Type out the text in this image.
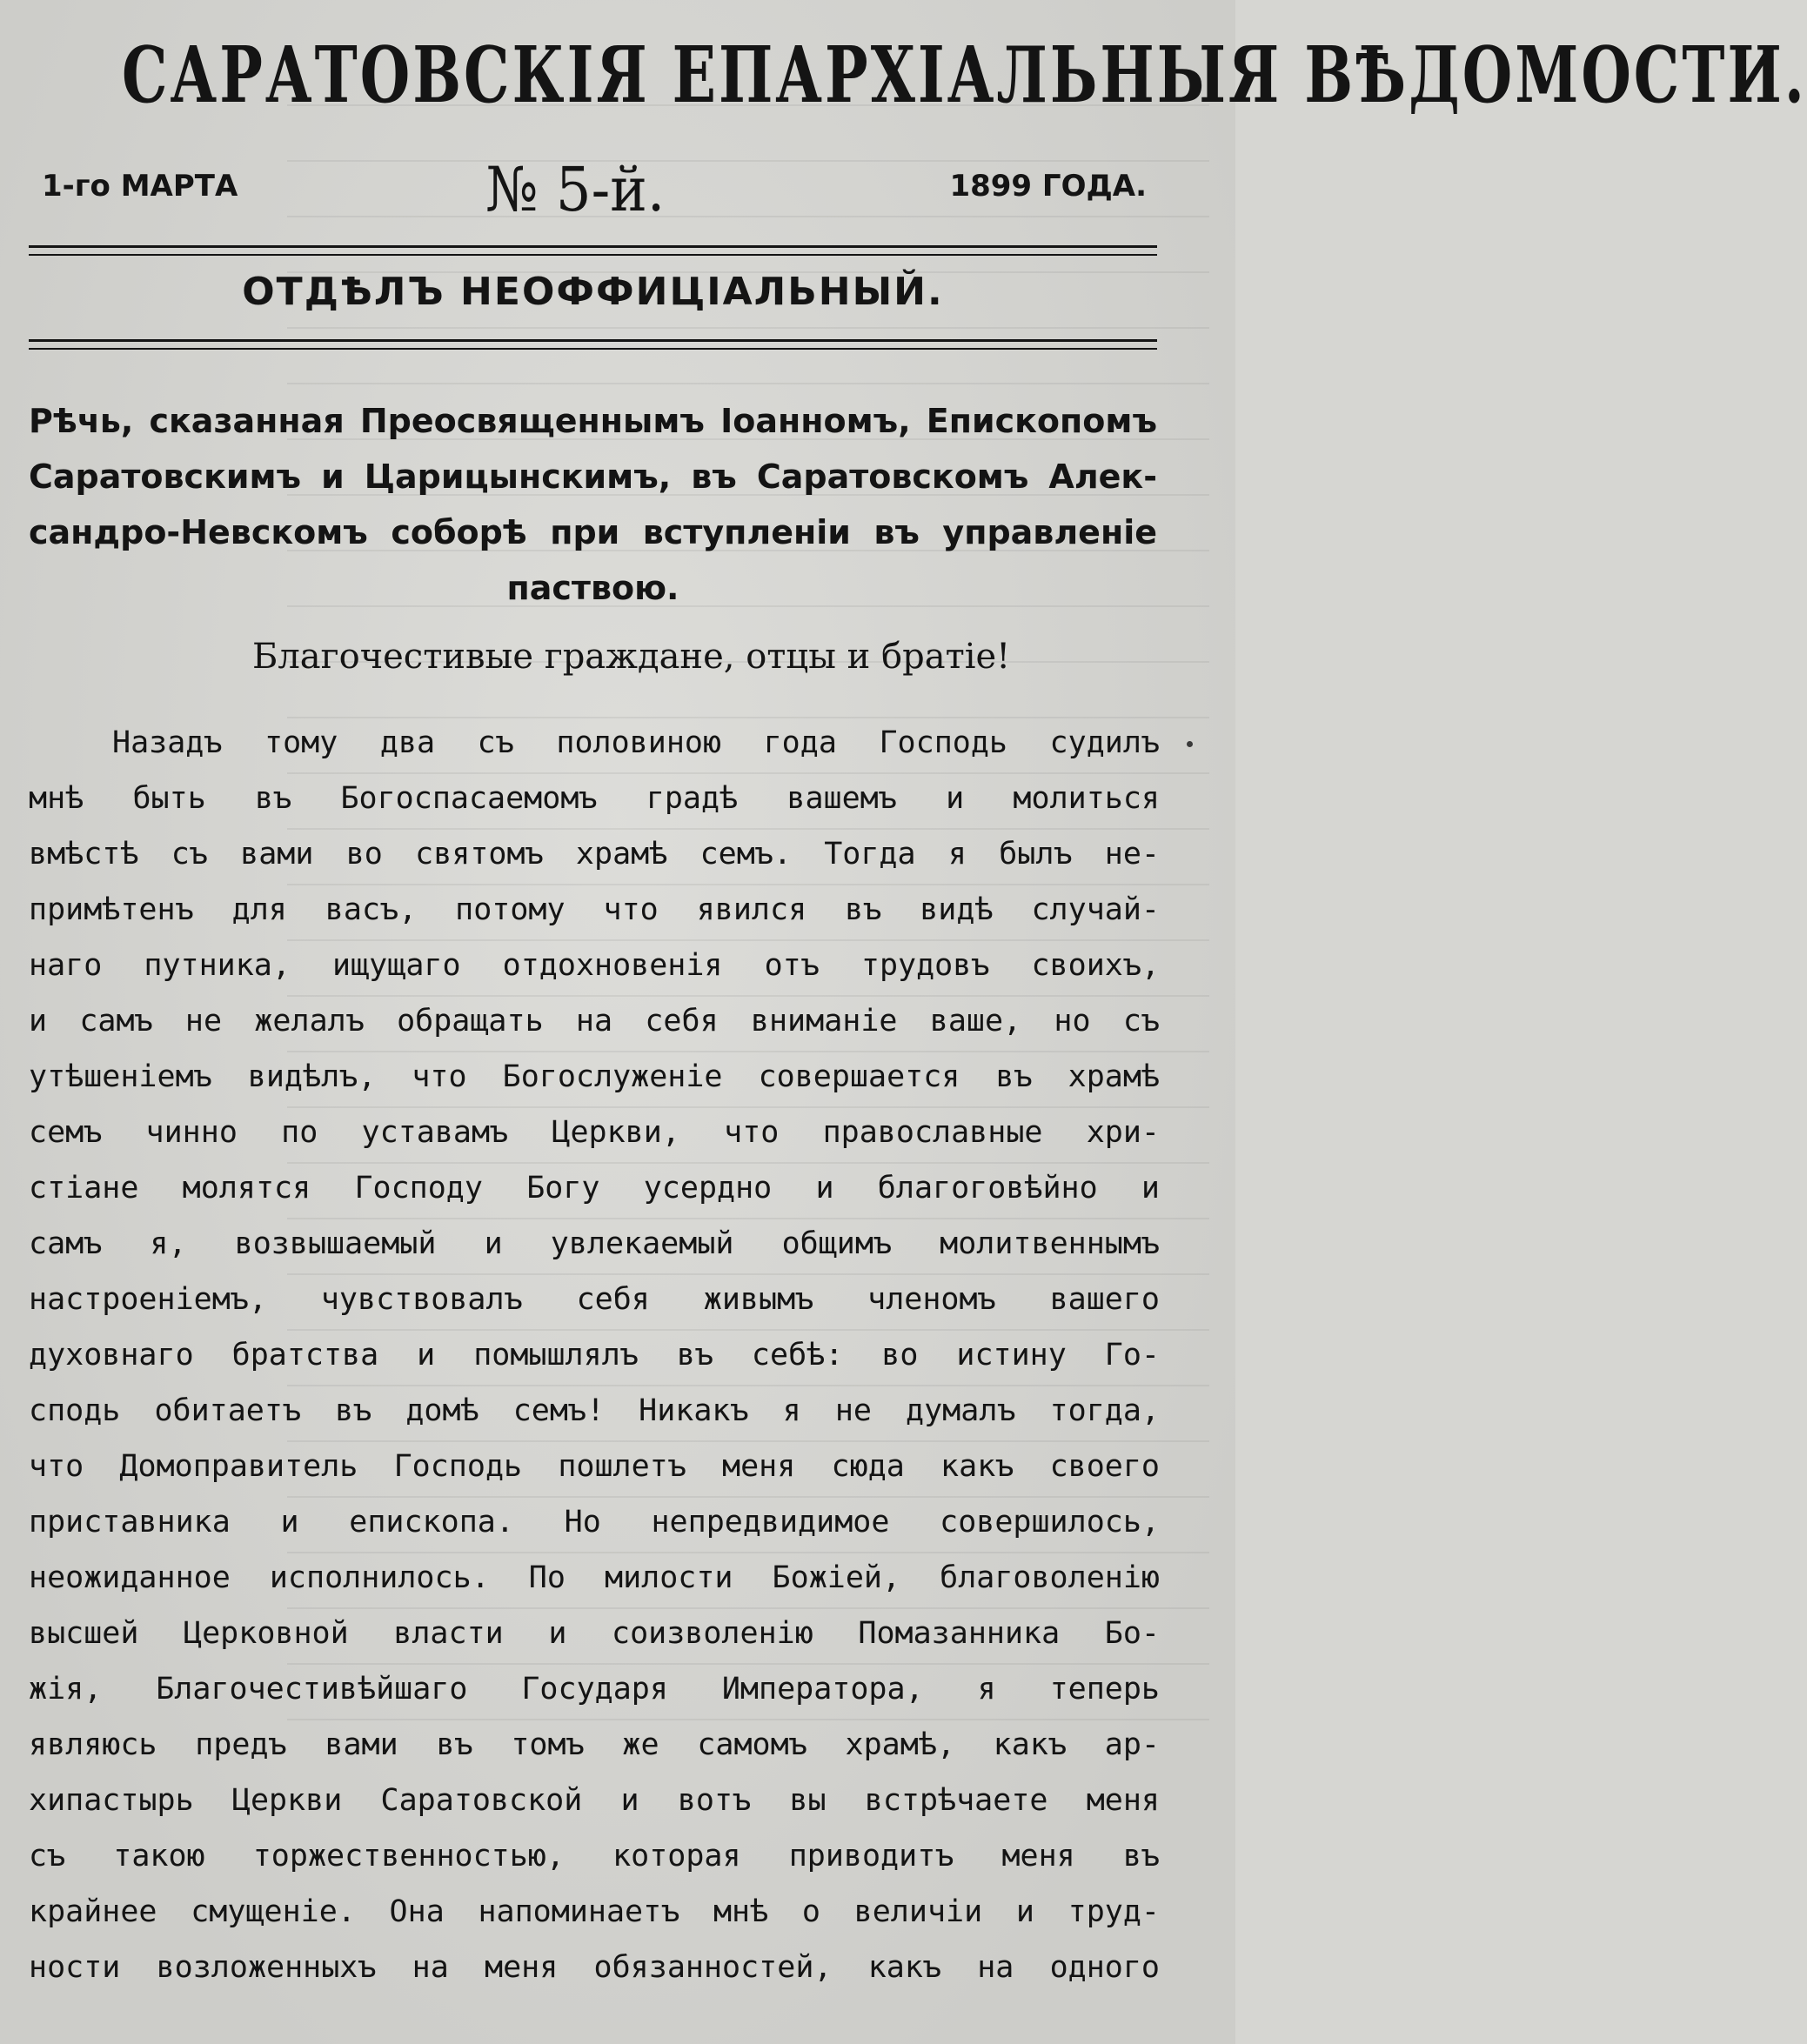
САРАТОВСКІЯ ЕПАРХІАЛЬНЫЯ ВѢДОМОСТИ.
1-го МАРТА	№ 5-й.	1899 ГОДА.
ОТДѢЛЪ НЕОФФИЦІАЛЬНЫЙ.
Рѣчь, сказанная Преосвященнымъ Іоанномъ, Епископомъ
Саратовскимъ и Царицынскимъ, въ Саратовскомъ Алек-
сандро-Невскомъ соборѣ при вступленіи въ управленіе
паствою.
Благочестивые граждане, отцы и братіе!
Назадъ тому два съ половиною года Господь судилъ
мнѣ быть въ Богоспасаемомъ градѣ вашемъ и молиться
вмѣстѣ съ вами во святомъ храмѣ семъ. Тогда я былъ не-
примѣтенъ для васъ, потому что явился въ видѣ случай-
наго путника, ищущаго отдохновенія отъ трудовъ своихъ,
и самъ не желалъ обращать на себя вниманіе ваше, но съ
утѣшеніемъ видѣлъ, что Богослуженіе совершается въ храмѣ
семъ чинно по уставамъ Церкви, что православные хри-
стіане молятся Господу Богу усердно и благоговѣйно и
самъ я, возвышаемый и увлекаемый общимъ молитвеннымъ
настроеніемъ, чувствовалъ себя живымъ членомъ вашего
духовнаго братства и помышлялъ въ себѣ: во истину Го-
сподь обитаетъ въ домѣ семъ! Никакъ я не думалъ тогда,
что Домоправитель Господь пошлетъ меня сюда какъ своего
приставника и епископа. Но непредвидимое совершилось,
неожиданное исполнилось. По милости Божіей, благоволенію
высшей Церковной власти и соизволенію Помазанника Бо-
жія, Благочестивѣйшаго Государя Императора, я теперь
являюсь предъ вами въ томъ же самомъ храмѣ, какъ ар-
хипастырь Церкви Саратовской и вотъ вы встрѣчаете меня
съ такою торжественностью, которая приводитъ меня въ
крайнее смущеніе. Она напоминаетъ мнѣ о величіи и труд-
ности возложенныхъ на меня обязанностей, какъ на одного
